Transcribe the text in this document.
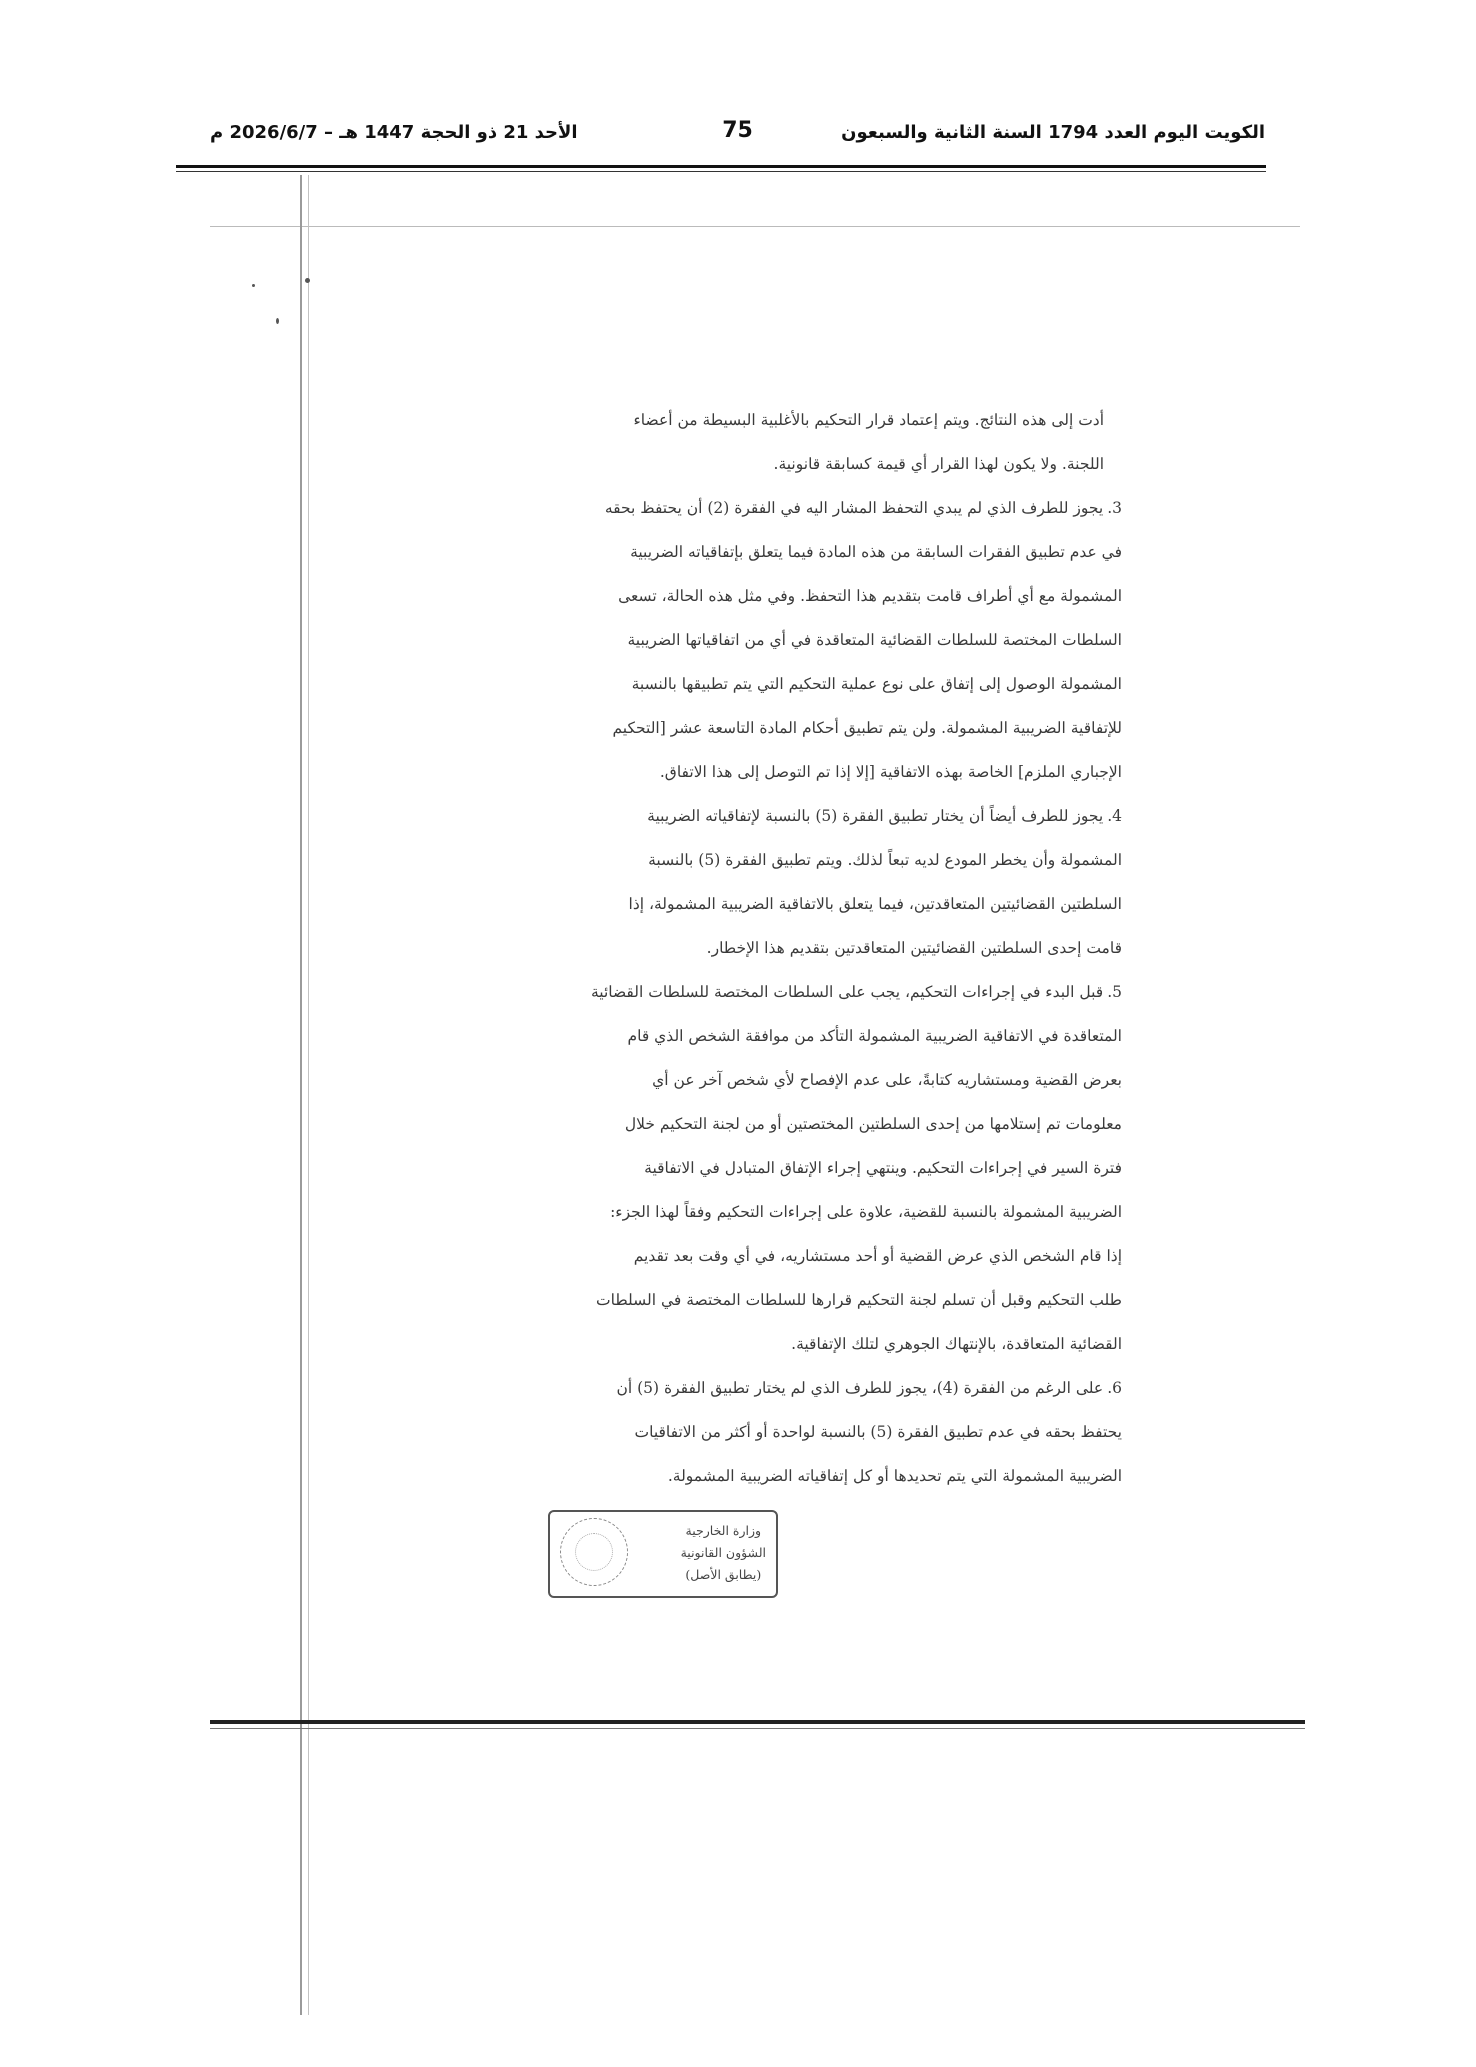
الكويت اليوم العدد 1794 السنة الثانية والسبعون
75
الأحد 21 ذو الحجة 1447 هـ – 2026/6/7 م
أدت إلى هذه النتائج. ويتم إعتماد قرار التحكيم بالأغلبية البسيطة من أعضاء
اللجنة. ولا يكون لهذا القرار أي قيمة كسابقة قانونية.
3.يجوز للطرف الذي لم يبدي التحفظ المشار اليه في الفقرة (2) أن يحتفظ بحقه
في عدم تطبيق الفقرات السابقة من هذه المادة فيما يتعلق بإتفاقياته الضريبية
المشمولة مع أي أطراف قامت بتقديم هذا التحفظ. وفي مثل هذه الحالة، تسعى
السلطات المختصة للسلطات القضائية المتعاقدة في أي من اتفاقياتها الضريبية
المشمولة الوصول إلى إتفاق على نوع عملية التحكيم التي يتم تطبيقها بالنسبة
للإتفاقية الضريبية المشمولة. ولن يتم تطبيق أحكام المادة التاسعة عشر [التحكيم
الإجباري الملزم] الخاصة بهذه الاتفاقية [إلا إذا تم التوصل إلى هذا الاتفاق.
4.يجوز للطرف أيضاً أن يختار تطبيق الفقرة (5) بالنسبة لإتفاقياته الضريبية
المشمولة وأن يخطر المودع لديه تبعاً لذلك. ويتم تطبيق الفقرة (5) بالنسبة
السلطتين القضائيتين المتعاقدتين، فيما يتعلق بالاتفاقية الضريبية المشمولة، إذا
قامت إحدى السلطتين القضائيتين المتعاقدتين بتقديم هذا الإخطار.
5.قبل البدء في إجراءات التحكيم، يجب على السلطات المختصة للسلطات القضائية
المتعاقدة في الاتفاقية الضريبية المشمولة التأكد من موافقة الشخص الذي قام
بعرض القضية ومستشاريه كتابةً، على عدم الإفصاح لأي شخص آخر عن أي
معلومات تم إستلامها من إحدى السلطتين المختصتين أو من لجنة التحكيم خلال
فترة السير في إجراءات التحكيم. وينتهي إجراء الإتفاق المتبادل في الاتفاقية
الضريبية المشمولة بالنسبة للقضية، علاوة على إجراءات التحكيم وفقاً لهذا الجزء:
إذا قام الشخص الذي عرض القضية أو أحد مستشاريه، في أي وقت بعد تقديم
طلب التحكيم وقبل أن تسلم لجنة التحكيم قرارها للسلطات المختصة في السلطات
القضائية المتعاقدة، بالإنتهاك الجوهري لتلك الإتفاقية.
6.على الرغم من الفقرة (4)، يجوز للطرف الذي لم يختار تطبيق الفقرة (5) أن
يحتفظ بحقه في عدم تطبيق الفقرة (5) بالنسبة لواحدة أو أكثر من الاتفاقيات
الضريبية المشمولة التي يتم تحديدها أو كل إتفاقياته الضريبية المشمولة.
وزارة الخارجية
الشؤون القانونية
(يطابق الأصل)
